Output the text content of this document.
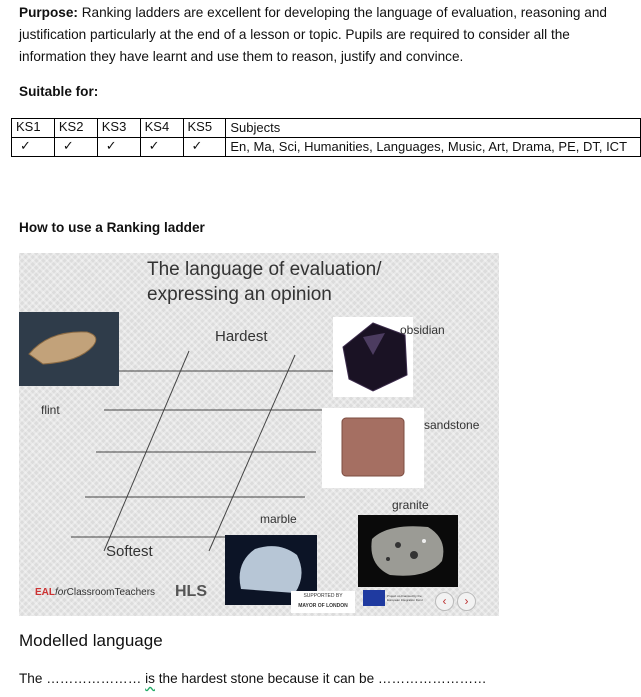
Purpose: Ranking ladders are excellent for developing the language of evaluation, reasoning and justification particularly at the end of a lesson or topic. Pupils are required to consider all the information they have learnt and use them to reason, justify and convince.
Suitable for:
KS1	KS2	KS3	KS4	KS5	Subjects
✓	✓	✓	✓	✓	En, Ma, Sci, Humanities, Languages, Music, Art, Drama, PE, DT, ICT
How to use a Ranking ladder
The language of evaluation/ expressing an opinion
Hardest
Softest
flint
obsidian
sandstone
granite
marble
EALforClassroomTeachers HLS	SUPPORTED BY
MAYOR OF LONDON
Project co-financed by the European Integration Fund	‹	›
Modelled language
The ………………… is the hardest stone because it can be ……………………
